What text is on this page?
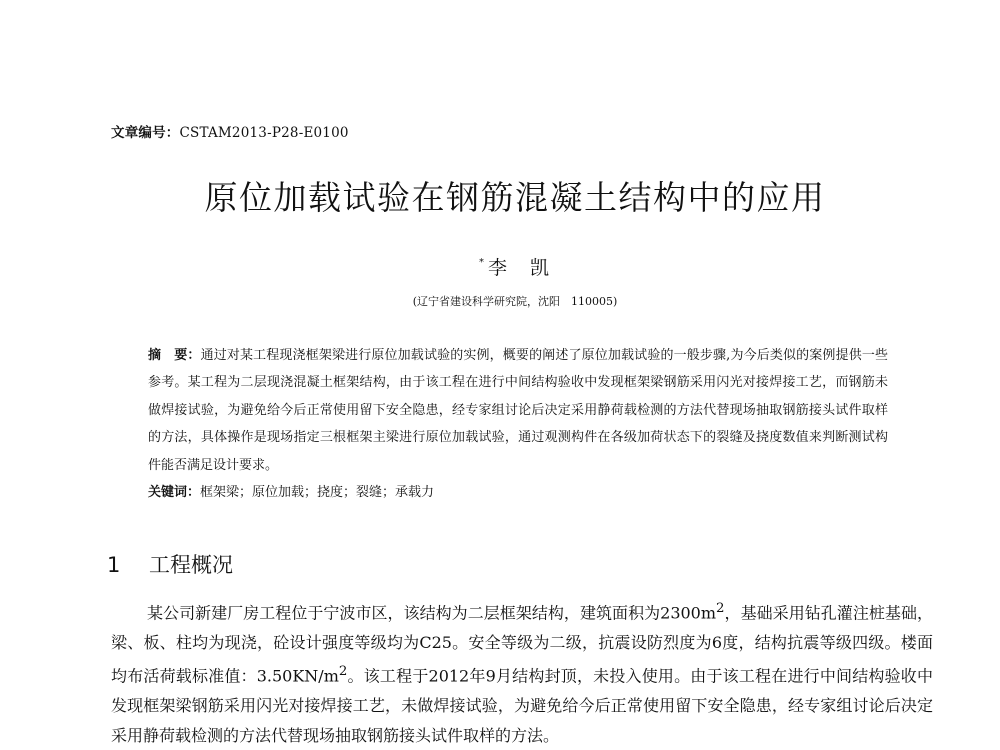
文章编号：CSTAM2013-P28-E0100
原位加载试验在钢筋混凝土结构中的应用
* 李　凯
(辽宁省建设科学研究院，沈阳　110005)
摘　要：通过对某工程现浇框架梁进行原位加载试验的实例，概要的阐述了原位加载试验的一般步骤,为今后类似的案例提供一些参考。某工程为二层现浇混凝土框架结构，由于该工程在进行中间结构验收中发现框架梁钢筋采用闪光对接焊接工艺，而钢筋未做焊接试验，为避免给今后正常使用留下安全隐患，经专家组讨论后决定采用静荷载检测的方法代替现场抽取钢筋接头试件取样的方法，具体操作是现场指定三根框架主梁进行原位加载试验，通过观测构件在各级加荷状态下的裂缝及挠度数值来判断测试构件能否满足设计要求。
关键词：框架梁；原位加载；挠度；裂缝；承载力
1 工程概况
某公司新建厂房工程位于宁波市区，该结构为二层框架结构，建筑面积为$2300m^2$，基础采用钻孔灌注桩基础，梁、板、柱均为现浇，砼设计强度等级均为C25。安全等级为二级，抗震设防烈度为6度，结构抗震等级四级。楼面均布活荷载标准值：$3.50KN/m^2$。该工程于2012年9月结构封顶，未投入使用。由于该工程在进行中间结构验收中发现框架梁钢筋采用闪光对接焊接工艺，未做焊接试验，为避免给今后正常使用留下安全隐患，经专家组讨论后决定采用静荷载检测的方法代替现场抽取钢筋接头试件取样的方法。
